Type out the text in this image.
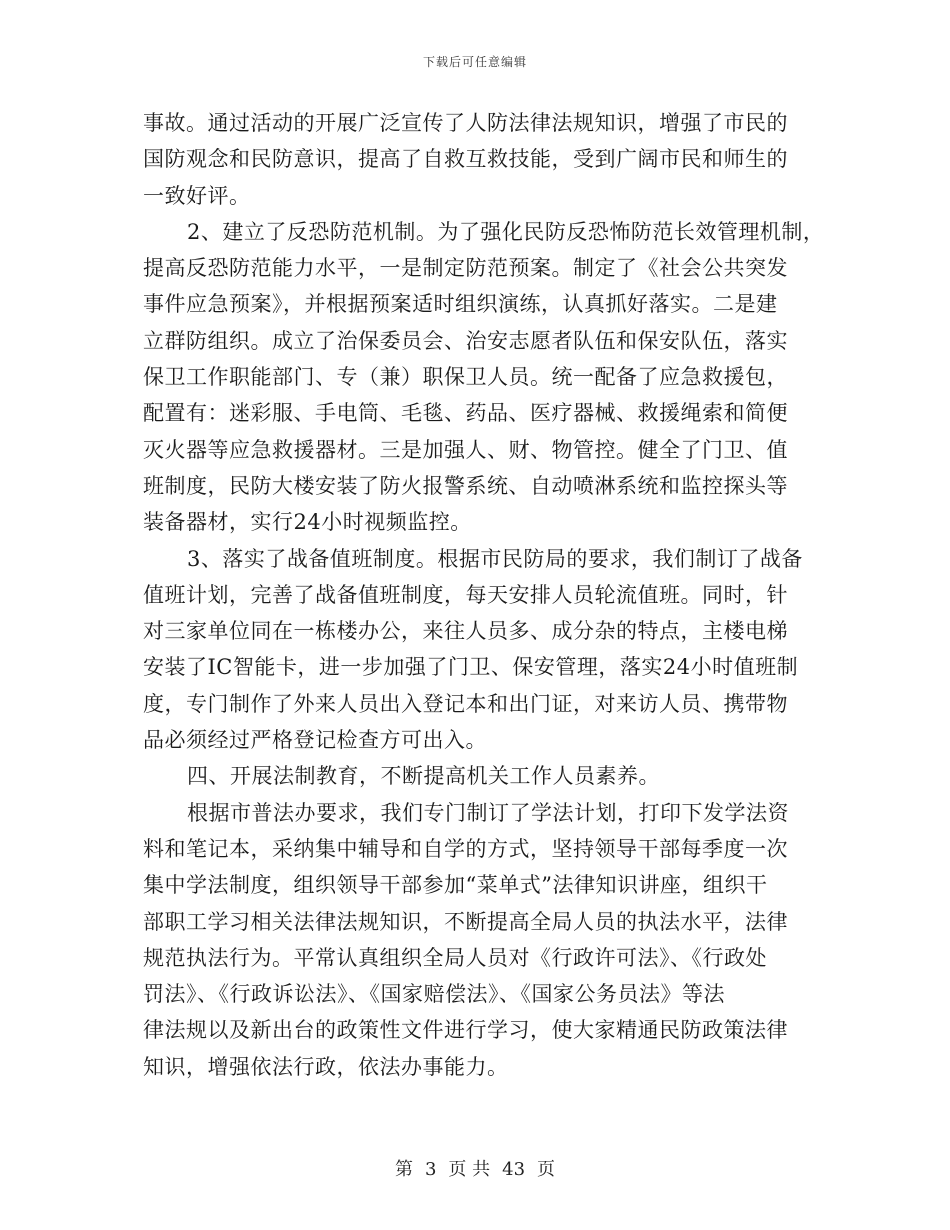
下载后可任意编辑
事故。通过活动的开展广泛宣传了人防法律法规知识，增强了市民的
国防观念和民防意识，提高了自救互救技能，受到广阔市民和师生的
一致好评。
2、建立了反恐防范机制。为了强化民防反恐怖防范长效管理机制，
提高反恐防范能力水平，一是制定防范预案。制定了《社会公共突发
事件应急预案》，并根据预案适时组织演练，认真抓好落实。二是建
立群防组织。成立了治保委员会、治安志愿者队伍和保安队伍，落实
保卫工作职能部门、专（兼）职保卫人员。统一配备了应急救援包，
配置有：迷彩服、手电筒、毛毯、药品、医疗器械、救援绳索和简便
灭火器等应急救援器材。三是加强人、财、物管控。健全了门卫、值
班制度，民防大楼安装了防火报警系统、自动喷淋系统和监控探头等
装备器材，实行24小时视频监控。
3、落实了战备值班制度。根据市民防局的要求，我们制订了战备
值班计划，完善了战备值班制度，每天安排人员轮流值班。同时，针
对三家单位同在一栋楼办公，来往人员多、成分杂的特点，主楼电梯
安装了IC智能卡，进一步加强了门卫、保安管理，落实24小时值班制
度，专门制作了外来人员出入登记本和出门证，对来访人员、携带物
品必须经过严格登记检查方可出入。
四、开展法制教育，不断提高机关工作人员素养。
根据市普法办要求，我们专门制订了学法计划，打印下发学法资
料和笔记本，采纳集中辅导和自学的方式，坚持领导干部每季度一次
集中学法制度，组织领导干部参加“菜单式”法律知识讲座，组织干
部职工学习相关法律法规知识，不断提高全局人员的执法水平，法律
规范执法行为。平常认真组织全局人员对《行政许可法》、《行政处
罚法》、《行政诉讼法》、《国家赔偿法》、《国家公务员法》等法
律法规以及新出台的政策性文件进行学习，使大家精通民防政策法律
知识，增强依法行政，依法办事能力。
第 3 页 共 43 页
